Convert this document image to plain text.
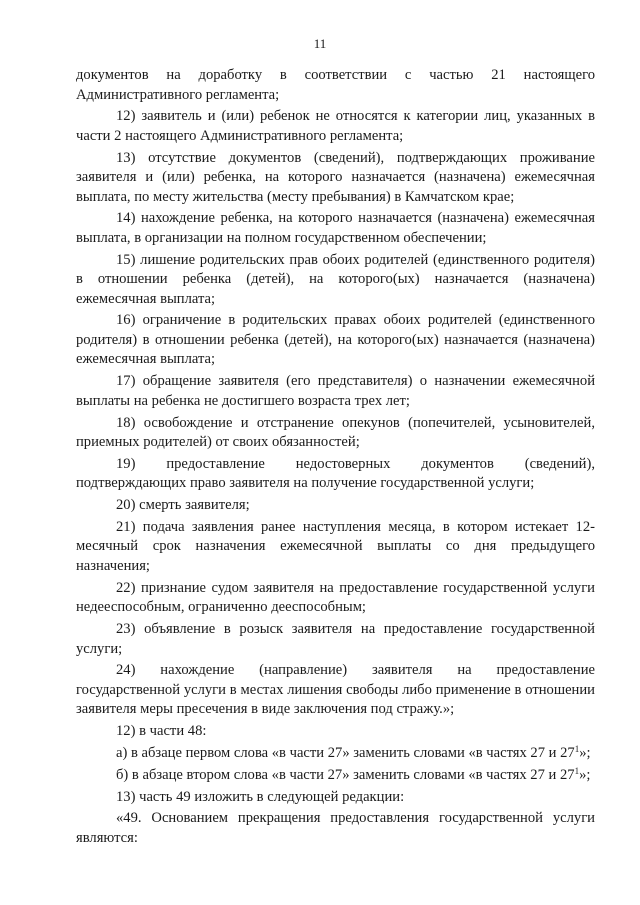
11

документов на доработку в соответствии с частью 21 настоящего Административного регламента;

12) заявитель и (или) ребенок не относятся к категории лиц, указанных в части 2 настоящего Административного регламента;

13) отсутствие документов (сведений), подтверждающих проживание заявителя и (или) ребенка, на которого назначается (назначена) ежемесячная выплата, по месту жительства (месту пребывания) в Камчатском крае;

14) нахождение ребенка, на которого назначается (назначена) ежемесячная выплата, в организации на полном государственном обеспечении;

15) лишение родительских прав обоих родителей (единственного родителя) в отношении ребенка (детей), на которого(ых) назначается (назначена) ежемесячная выплата;

16) ограничение в родительских правах обоих родителей (единственного родителя) в отношении ребенка (детей), на которого(ых) назначается (назначена) ежемесячная выплата;

17) обращение заявителя (его представителя) о назначении ежемесячной выплаты на ребенка не достигшего возраста трех лет;

18) освобождение и отстранение опекунов (попечителей, усыновителей, приемных родителей) от своих обязанностей;

19) предоставление недостоверных документов (сведений), подтверждающих право заявителя на получение государственной услуги;

20) смерть заявителя;

21) подача заявления ранее наступления месяца, в котором истекает 12-месячный срок назначения ежемесячной выплаты со дня предыдущего назначения;

22) признание судом заявителя на предоставление государственной услуги недееспособным, ограниченно дееспособным;

23) объявление в розыск заявителя на предоставление государственной услуги;

24) нахождение (направление) заявителя на предоставление государственной услуги в местах лишения свободы либо применение в отношении заявителя меры пресечения в виде заключения под стражу.»;

12) в части 48:

а) в абзаце первом слова «в части 27» заменить словами «в частях 27 и $27^1$»;

б) в абзаце втором слова «в части 27» заменить словами «в частях 27 и $27^1$»;

13) часть 49 изложить в следующей редакции:

«49. Основанием прекращения предоставления государственной услуги являются:
